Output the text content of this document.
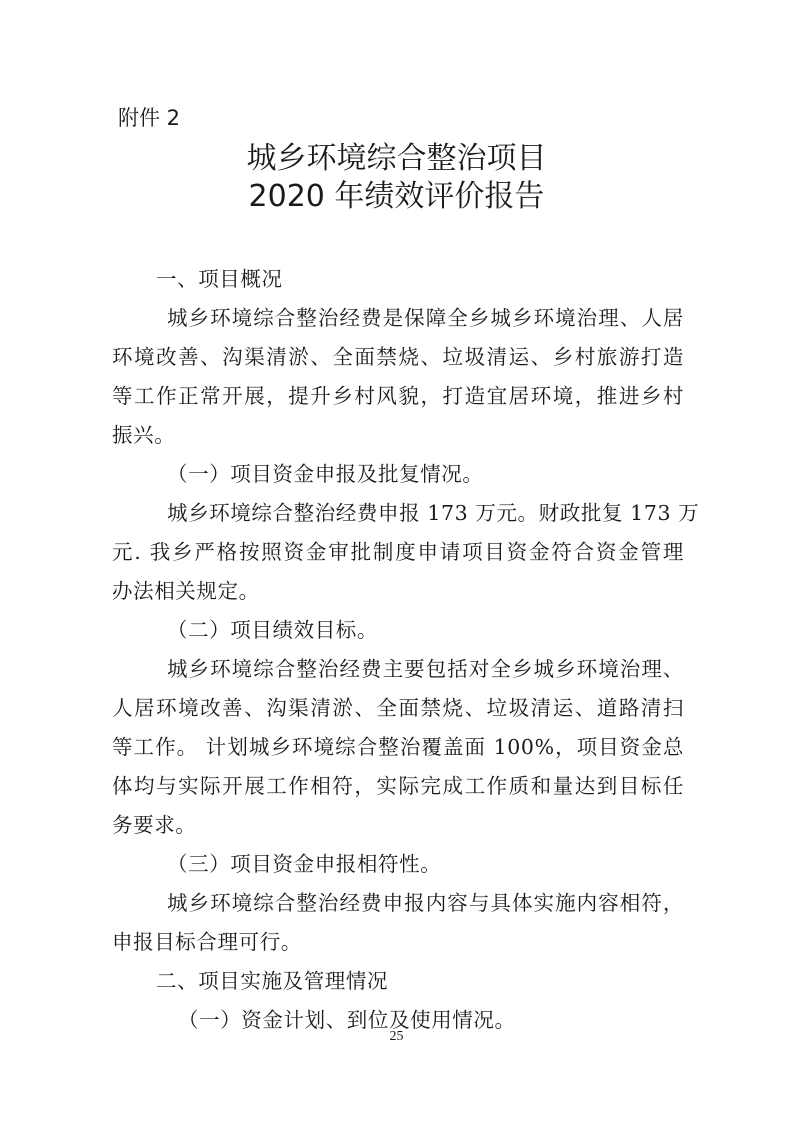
附件 2
城乡环境综合整治项目
2020 年绩效评价报告
一、项目概况
城乡环境综合整治经费是保障全乡城乡环境治理、人居
环境改善、沟渠清淤、全面禁烧、垃圾清运、乡村旅游打造
等工作正常开展，提升乡村风貌，打造宜居环境，推进乡村
振兴。
（一）项目资金申报及批复情况。
城乡环境综合整治经费申报 173 万元。财政批复 173 万
元. 我乡严格按照资金审批制度申请项目资金符合资金管理
办法相关规定。
（二）项目绩效目标。
城乡环境综合整治经费主要包括对全乡城乡环境治理、
人居环境改善、沟渠清淤、全面禁烧、垃圾清运、道路清扫
等工作。 计划城乡环境综合整治覆盖面 100%，项目资金总
体均与实际开展工作相符，实际完成工作质和量达到目标任
务要求。
（三）项目资金申报相符性。
城乡环境综合整治经费申报内容与具体实施内容相符，
申报目标合理可行。
二、项目实施及管理情况
（一）资金计划、到位及使用情况。
25
